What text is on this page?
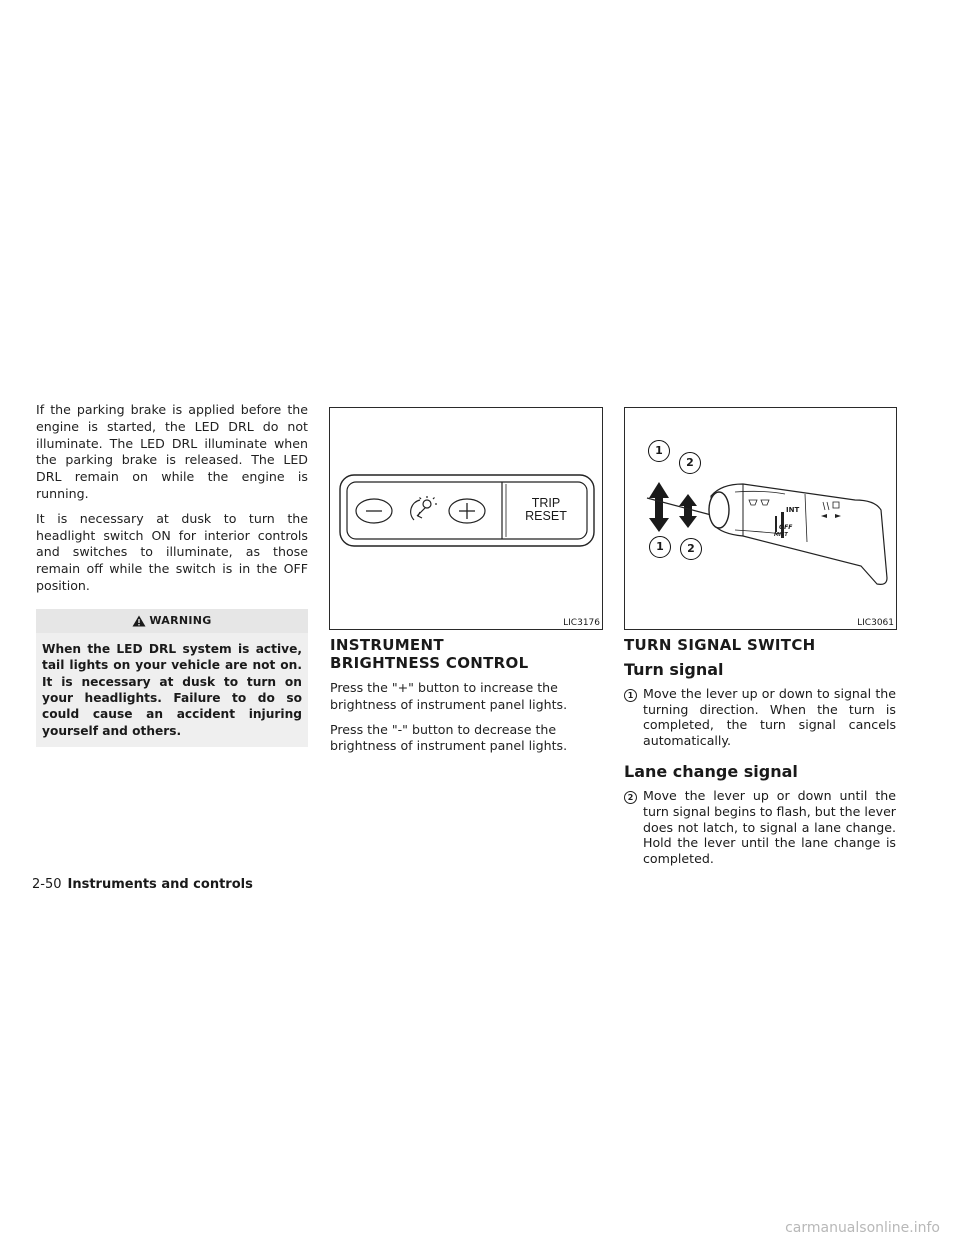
If the parking brake is applied before the engine is started, the LED DRL do not illuminate. The LED DRL illuminate when the parking brake is released. The LED DRL remain on while the engine is running.

It is necessary at dusk to turn the headlight switch ON for interior controls and switches to illuminate, as those remain off while the switch is in the OFF position.

WARNING
When the LED DRL system is active, tail lights on your vehicle are not on. It is necessary at dusk to turn on your headlights. Failure to do so could cause an accident injuring yourself and others.
TRIP
RESET
LIC3176
INSTRUMENT BRIGHTNESS CONTROL

Press the "+" button to increase the brightness of instrument panel lights.

Press the "-" button to decrease the brightness of instrument panel lights.

1
2
1	2
INT
OFF
MIST
LIC3061
TURN SIGNAL SWITCH
Turn signal
1 Move the lever up or down to signal the turning direction. When the turn is completed, the turn signal cancels automatically.
Lane change signal
2 Move the lever up or down until the turn signal begins to flash, but the lever does not latch, to signal a lane change. Hold the lever until the lane change is completed.
2-50 Instruments and controls
carmanualsonline.info
